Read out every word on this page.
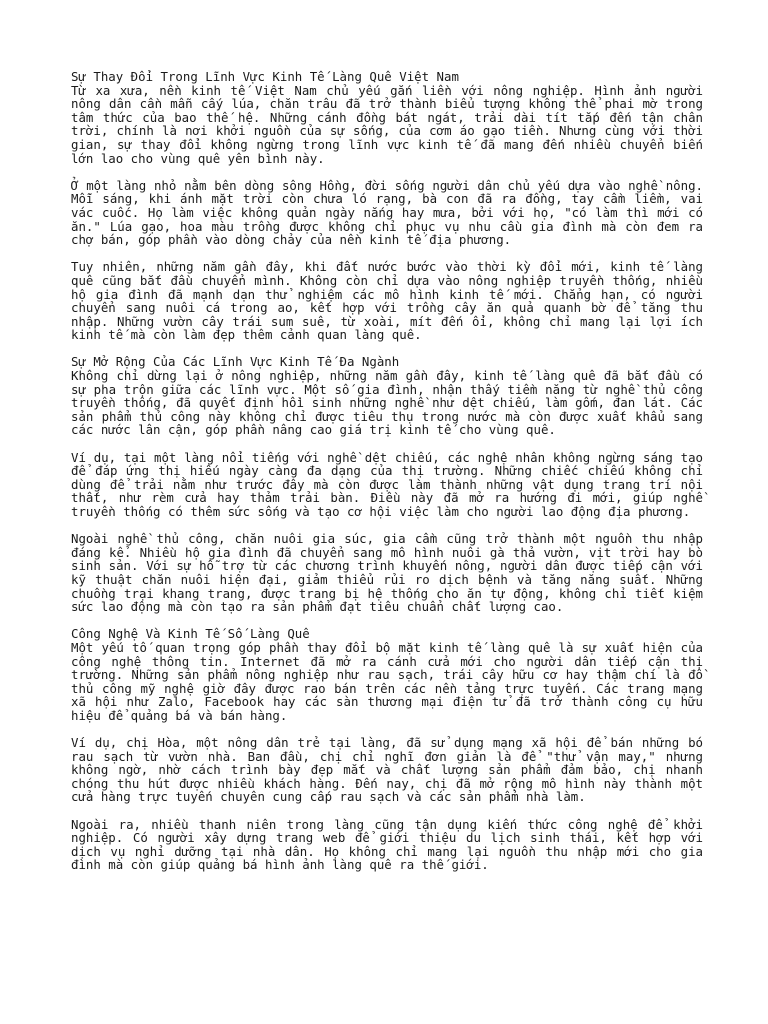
Sự Thay Đổi Trong Lĩnh Vực Kinh Tế Làng Quê Việt Nam

Từ xa xưa, nền kinh tế Việt Nam chủ yếu gắn liền với nông nghiệp. Hình ảnh người nông dân cần mẫn cấy lúa, chăn trâu đã trở thành biểu tượng không thể phai mờ trong tâm thức của bao thế hệ. Những cánh đồng bát ngát, trải dài tít tắp đến tận chân trời, chính là nơi khởi nguồn của sự sống, của cơm áo gạo tiền. Nhưng cùng với thời gian, sự thay đổi không ngừng trong lĩnh vực kinh tế đã mang đến nhiều chuyển biến lớn lao cho vùng quê yên bình này.

Ở một làng nhỏ nằm bên dòng sông Hồng, đời sống người dân chủ yếu dựa vào nghề nông. Mỗi sáng, khi ánh mặt trời còn chưa ló rạng, bà con đã ra đồng, tay cầm liềm, vai vác cuốc. Họ làm việc không quản ngày nắng hay mưa, bởi với họ, "có làm thì mới có ăn." Lúa gạo, hoa màu trồng được không chỉ phục vụ nhu cầu gia đình mà còn đem ra chợ bán, góp phần vào dòng chảy của nền kinh tế địa phương.

Tuy nhiên, những năm gần đây, khi đất nước bước vào thời kỳ đổi mới, kinh tế làng quê cũng bắt đầu chuyển mình. Không còn chỉ dựa vào nông nghiệp truyền thống, nhiều hộ gia đình đã mạnh dạn thử nghiệm các mô hình kinh tế mới. Chẳng hạn, có người chuyển sang nuôi cá trong ao, kết hợp với trồng cây ăn quả quanh bờ để tăng thu nhập. Những vườn cây trái sum suê, từ xoài, mít đến ổi, không chỉ mang lại lợi ích kinh tế mà còn làm đẹp thêm cảnh quan làng quê.

Sự Mở Rộng Của Các Lĩnh Vực Kinh Tế Đa Ngành

Không chỉ dừng lại ở nông nghiệp, những năm gần đây, kinh tế làng quê đã bắt đầu có sự pha trộn giữa các lĩnh vực. Một số gia đình, nhận thấy tiềm năng từ nghề thủ công truyền thống, đã quyết định hồi sinh những nghề như dệt chiếu, làm gốm, đan lát. Các sản phẩm thủ công này không chỉ được tiêu thụ trong nước mà còn được xuất khẩu sang các nước lân cận, góp phần nâng cao giá trị kinh tế cho vùng quê.

Ví dụ, tại một làng nổi tiếng với nghề dệt chiếu, các nghệ nhân không ngừng sáng tạo để đáp ứng thị hiếu ngày càng đa dạng của thị trường. Những chiếc chiếu không chỉ dùng để trải nằm như trước đây mà còn được làm thành những vật dụng trang trí nội thất, như rèm cửa hay thảm trải bàn. Điều này đã mở ra hướng đi mới, giúp nghề truyền thống có thêm sức sống và tạo cơ hội việc làm cho người lao động địa phương.

Ngoài nghề thủ công, chăn nuôi gia súc, gia cầm cũng trở thành một nguồn thu nhập đáng kể. Nhiều hộ gia đình đã chuyển sang mô hình nuôi gà thả vườn, vịt trời hay bò sinh sản. Với sự hỗ trợ từ các chương trình khuyến nông, người dân được tiếp cận với kỹ thuật chăn nuôi hiện đại, giảm thiểu rủi ro dịch bệnh và tăng năng suất. Những chuồng trại khang trang, được trang bị hệ thống cho ăn tự động, không chỉ tiết kiệm sức lao động mà còn tạo ra sản phẩm đạt tiêu chuẩn chất lượng cao.

Công Nghệ Và Kinh Tế Số Làng Quê

Một yếu tố quan trọng góp phần thay đổi bộ mặt kinh tế làng quê là sự xuất hiện của công nghệ thông tin. Internet đã mở ra cánh cửa mới cho người dân tiếp cận thị trường. Những sản phẩm nông nghiệp như rau sạch, trái cây hữu cơ hay thậm chí là đồ thủ công mỹ nghệ giờ đây được rao bán trên các nền tảng trực tuyến. Các trang mạng xã hội như Zalo, Facebook hay các sàn thương mại điện tử đã trở thành công cụ hữu hiệu để quảng bá và bán hàng.

Ví dụ, chị Hòa, một nông dân trẻ tại làng, đã sử dụng mạng xã hội để bán những bó rau sạch từ vườn nhà. Ban đầu, chị chỉ nghĩ đơn giản là để "thử vận may," nhưng không ngờ, nhờ cách trình bày đẹp mắt và chất lượng sản phẩm đảm bảo, chị nhanh chóng thu hút được nhiều khách hàng. Đến nay, chị đã mở rộng mô hình này thành một cửa hàng trực tuyến chuyên cung cấp rau sạch và các sản phẩm nhà làm.

Ngoài ra, nhiều thanh niên trong làng cũng tận dụng kiến thức công nghệ để khởi nghiệp. Có người xây dựng trang web để giới thiệu du lịch sinh thái, kết hợp với dịch vụ nghỉ dưỡng tại nhà dân. Họ không chỉ mang lại nguồn thu nhập mới cho gia đình mà còn giúp quảng bá hình ảnh làng quê ra thế giới.
